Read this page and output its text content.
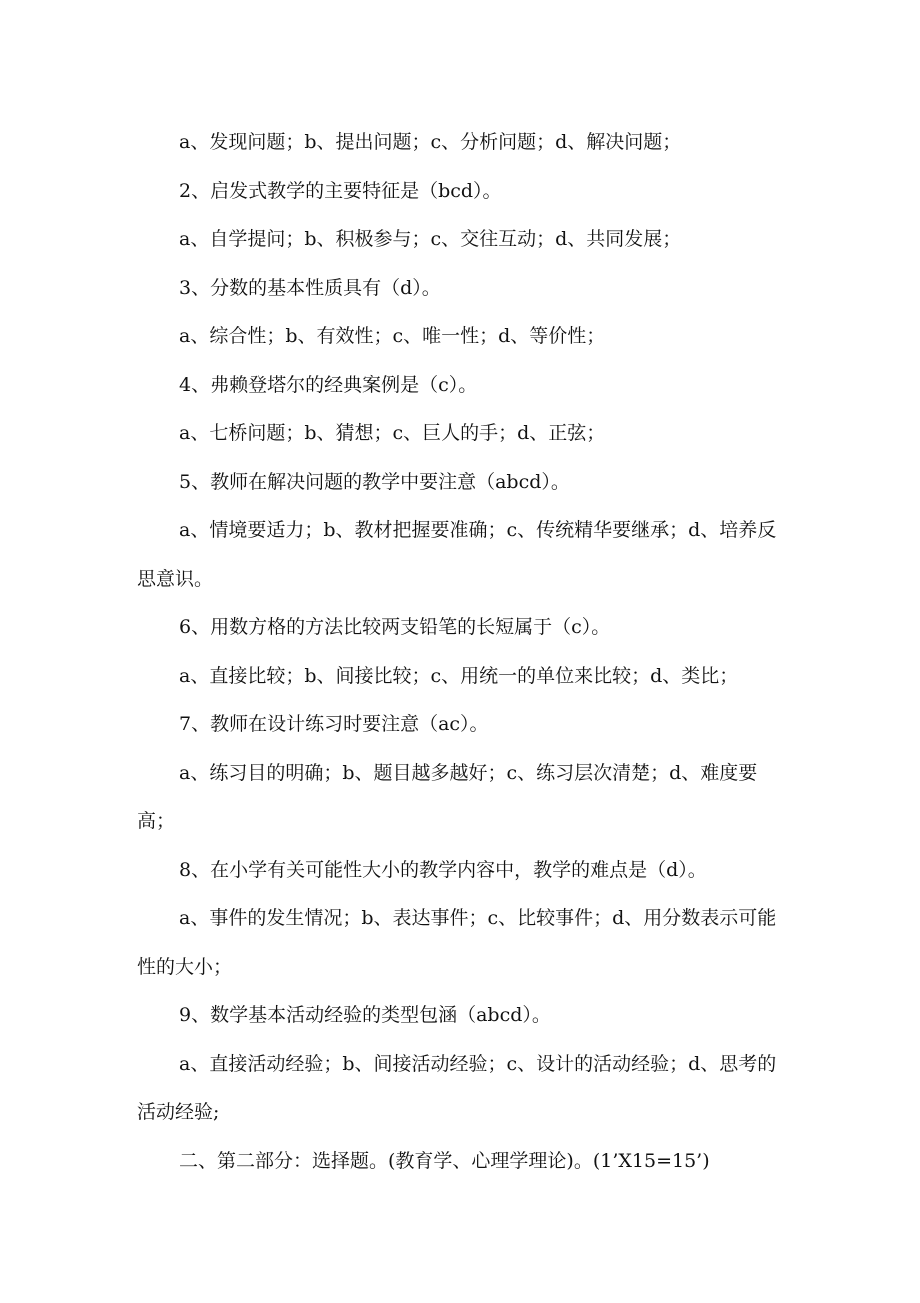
a、发现问题；b、提出问题；c、分析问题；d、解决问题；

2、启发式教学的主要特征是（bcd）。

a、自学提问；b、积极参与；c、交往互动；d、共同发展；

3、分数的基本性质具有（d）。

a、综合性；b、有效性；c、唯一性；d、等价性；

4、弗赖登塔尔的经典案例是（c）。

a、七桥问题；b、猜想；c、巨人的手；d、正弦；

5、教师在解决问题的教学中要注意（abcd）。

a、情境要适力；b、教材把握要准确；c、传统精华要继承；d、培养反思意识。

6、用数方格的方法比较两支铅笔的长短属于（c）。

a、直接比较；b、间接比较；c、用统一的单位来比较；d、类比；

7、教师在设计练习时要注意（ac）。

a、练习目的明确；b、题目越多越好；c、练习层次清楚；d、难度要高；

8、在小学有关可能性大小的教学内容中，教学的难点是（d）。

a、事件的发生情况；b、表达事件；c、比较事件；d、用分数表示可能性的大小；

9、数学基本活动经验的类型包涵（abcd）。

a、直接活动经验；b、间接活动经验；c、设计的活动经验；d、思考的活动经验;

二、第二部分：选择题。(教育学、心理学理论)。(1’X15=15’)
